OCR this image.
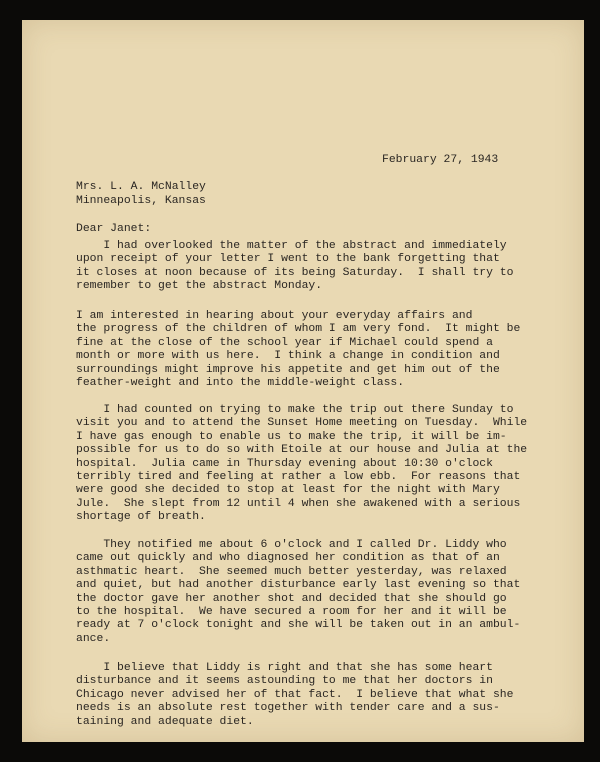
February 27, 1943
Mrs. L. A. McNalley
Minneapolis, Kansas
Dear Janet:
I had overlooked the matter of the abstract and immediately
upon receipt of your letter I went to the bank forgetting that
it closes at noon because of its being Saturday.  I shall try to
remember to get the abstract Monday.
I am interested in hearing about your everyday affairs and
the progress of the children of whom I am very fond.  It might be
fine at the close of the school year if Michael could spend a
month or more with us here.  I think a change in condition and
surroundings might improve his appetite and get him out of the
feather-weight and into the middle-weight class.
I had counted on trying to make the trip out there Sunday to
visit you and to attend the Sunset Home meeting on Tuesday.  While
I have gas enough to enable us to make the trip, it will be im-
possible for us to do so with Etoile at our house and Julia at the
hospital.  Julia came in Thursday evening about 10:30 o'clock
terribly tired and feeling at rather a low ebb.  For reasons that
were good she decided to stop at least for the night with Mary
Jule.  She slept from 12 until 4 when she awakened with a serious
shortage of breath.
They notified me about 6 o'clock and I called Dr. Liddy who
came out quickly and who diagnosed her condition as that of an
asthmatic heart.  She seemed much better yesterday, was relaxed
and quiet, but had another disturbance early last evening so that
the doctor gave her another shot and decided that she should go
to the hospital.  We have secured a room for her and it will be
ready at 7 o'clock tonight and she will be taken out in an ambul-
ance.
I believe that Liddy is right and that she has some heart
disturbance and it seems astounding to me that her doctors in
Chicago never advised her of that fact.  I believe that what she
needs is an absolute rest together with tender care and a sus-
taining and adequate diet.
